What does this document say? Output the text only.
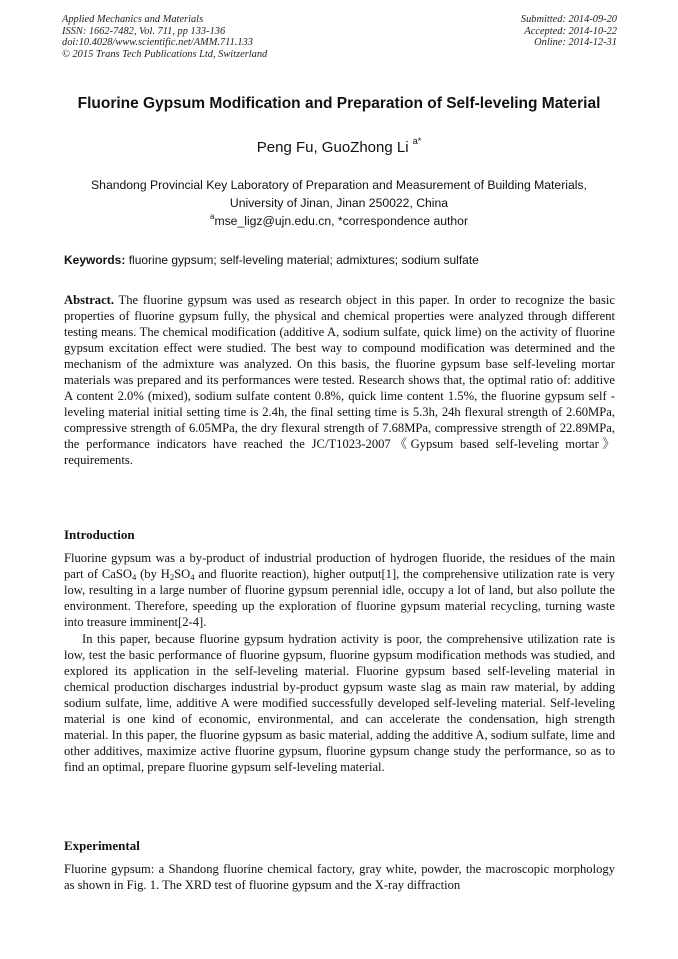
Applied Mechanics and Materials
ISSN: 1662-7482, Vol. 711, pp 133-136
doi:10.4028/www.scientific.net/AMM.711.133
© 2015 Trans Tech Publications Ltd, Switzerland
Submitted: 2014-09-20
Accepted: 2014-10-22
Online: 2014-12-31
Fluorine Gypsum Modification and Preparation of Self-leveling Material
Peng Fu, GuoZhong Li $^{a*}$
Shandong Provincial Key Laboratory of Preparation and Measurement of Building Materials, University of Jinan, Jinan 250022, China
$^a$mse_ligz@ujn.edu.cn, *correspondence author
Keywords: fluorine gypsum; self-leveling material; admixtures; sodium sulfate

Abstract. The fluorine gypsum was used as research object in this paper. In order to recognize the basic properties of fluorine gypsum fully, the physical and chemical properties were analyzed through different testing means. The chemical modification (additive A, sodium sulfate, quick lime) on the activity of fluorine gypsum excitation effect were studied. The best way to compound modification was determined and the mechanism of the admixture was analyzed. On this basis, the fluorine gypsum base self-leveling mortar materials was prepared and its performances were tested. Research shows that, the optimal ratio of: additive A content 2.0% (mixed), sodium sulfate content 0.8%, quick lime content 1.5%, the fluorine gypsum self -leveling material initial setting time is 2.4h, the final setting time is 5.3h, 24h flexural strength of 2.60MPa, compressive strength of 6.05MPa, the dry flexural strength of 7.68MPa, compressive strength of 22.89MPa, the performance indicators have reached the JC/T1023-2007《Gypsum based self-leveling mortar》requirements.

Introduction

Fluorine gypsum was a by-product of industrial production of hydrogen fluoride, the residues of the main part of CaSO$_4$ (by $H_2SO_4$ and fluorite reaction), higher output[1], the comprehensive utilization rate is very low, resulting in a large number of fluorine gypsum perennial idle, occupy a lot of land, but also pollute the environment. Therefore, speeding up the exploration of fluorine gypsum material recycling, turning waste into treasure imminent[2-4].

In this paper, because fluorine gypsum hydration activity is poor, the comprehensive utilization rate is low, test the basic performance of fluorine gypsum, fluorine gypsum modification methods was studied, and explored its application in the self-leveling material. Fluorine gypsum based self-leveling material in chemical production discharges industrial by-product gypsum waste slag as main raw material, by adding sodium sulfate, lime, additive A were modified successfully developed self-leveling material. Self-leveling material is one kind of economic, environmental, and can accelerate the condensation, high strength material. In this paper, the fluorine gypsum as basic material, adding the additive A, sodium sulfate, lime and other additives, maximize active fluorine gypsum, fluorine gypsum change study the performance, so as to find an optimal, prepare fluorine gypsum self-leveling material.

Experimental

Fluorine gypsum: a Shandong fluorine chemical factory, gray white, powder, the macroscopic morphology as shown in Fig. 1. The XRD test of fluorine gypsum and the X-ray diffraction
